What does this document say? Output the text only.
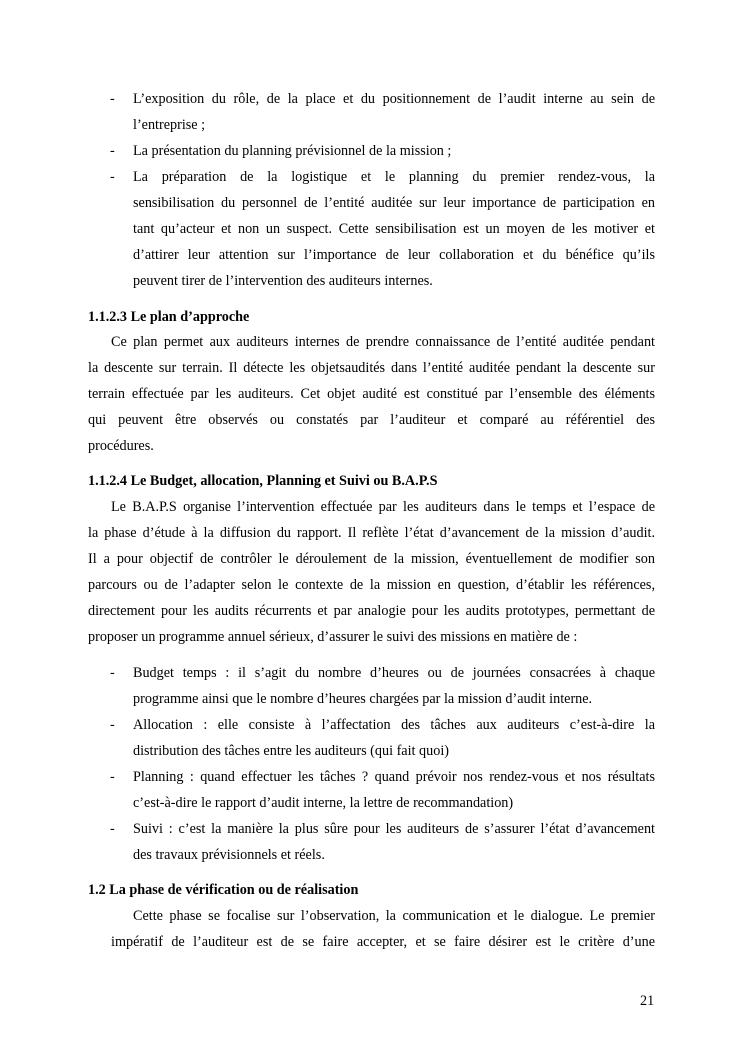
- L’exposition du rôle, de la place et du positionnement de l’audit interne au sein de
l’entreprise ;
- La présentation du planning prévisionnel de la mission ;
- La préparation de la logistique et le planning du premier rendez-vous, la
sensibilisation du personnel de l’entité auditée sur leur importance de participation en
tant qu’acteur et non un suspect. Cette sensibilisation est un moyen de les motiver et
d’attirer leur attention sur l’importance de leur collaboration et du bénéfice qu’ils
peuvent tirer de l’intervention des auditeurs internes.
1.1.2.3 Le plan d’approche
Ce plan permet aux auditeurs internes de prendre connaissance de l’entité auditée pendant
la descente sur terrain. Il détecte les objetsaudités dans l’entité auditée pendant la descente sur
terrain effectuée par les auditeurs. Cet objet audité est constitué par l’ensemble des éléments
qui peuvent être observés ou constatés par l’auditeur et comparé au référentiel des
procédures.
1.1.2.4 Le Budget, allocation, Planning et Suivi ou B.A.P.S
Le B.A.P.S organise l’intervention effectuée par les auditeurs dans le temps et l’espace de
la phase d’étude à la diffusion du rapport. Il reflète l’état d’avancement de la mission d’audit.
Il a pour objectif de contrôler le déroulement de la mission, éventuellement de modifier son
parcours ou de l’adapter selon le contexte de la mission en question, d’établir les références,
directement pour les audits récurrents et par analogie pour les audits prototypes, permettant de
proposer un programme annuel sérieux, d’assurer le suivi des missions en matière de :
- Budget temps : il s’agit du nombre d’heures ou de journées consacrées à chaque
programme ainsi que le nombre d’heures chargées par la mission d’audit interne.
- Allocation : elle consiste à l’affectation des tâches aux auditeurs c’est-à-dire la
distribution des tâches entre les auditeurs (qui fait quoi)
- Planning : quand effectuer les tâches ? quand prévoir nos rendez-vous et nos résultats
c’est-à-dire le rapport d’audit interne, la lettre de recommandation)
- Suivi : c’est la manière la plus sûre pour les auditeurs de s’assurer l’état d’avancement
des travaux prévisionnels et réels.
1.2 La phase de vérification ou de réalisation
Cette phase se focalise sur l’observation, la communication et le dialogue. Le premier
impératif de l’auditeur est de se faire accepter, et se faire désirer est le critère d’une
21
